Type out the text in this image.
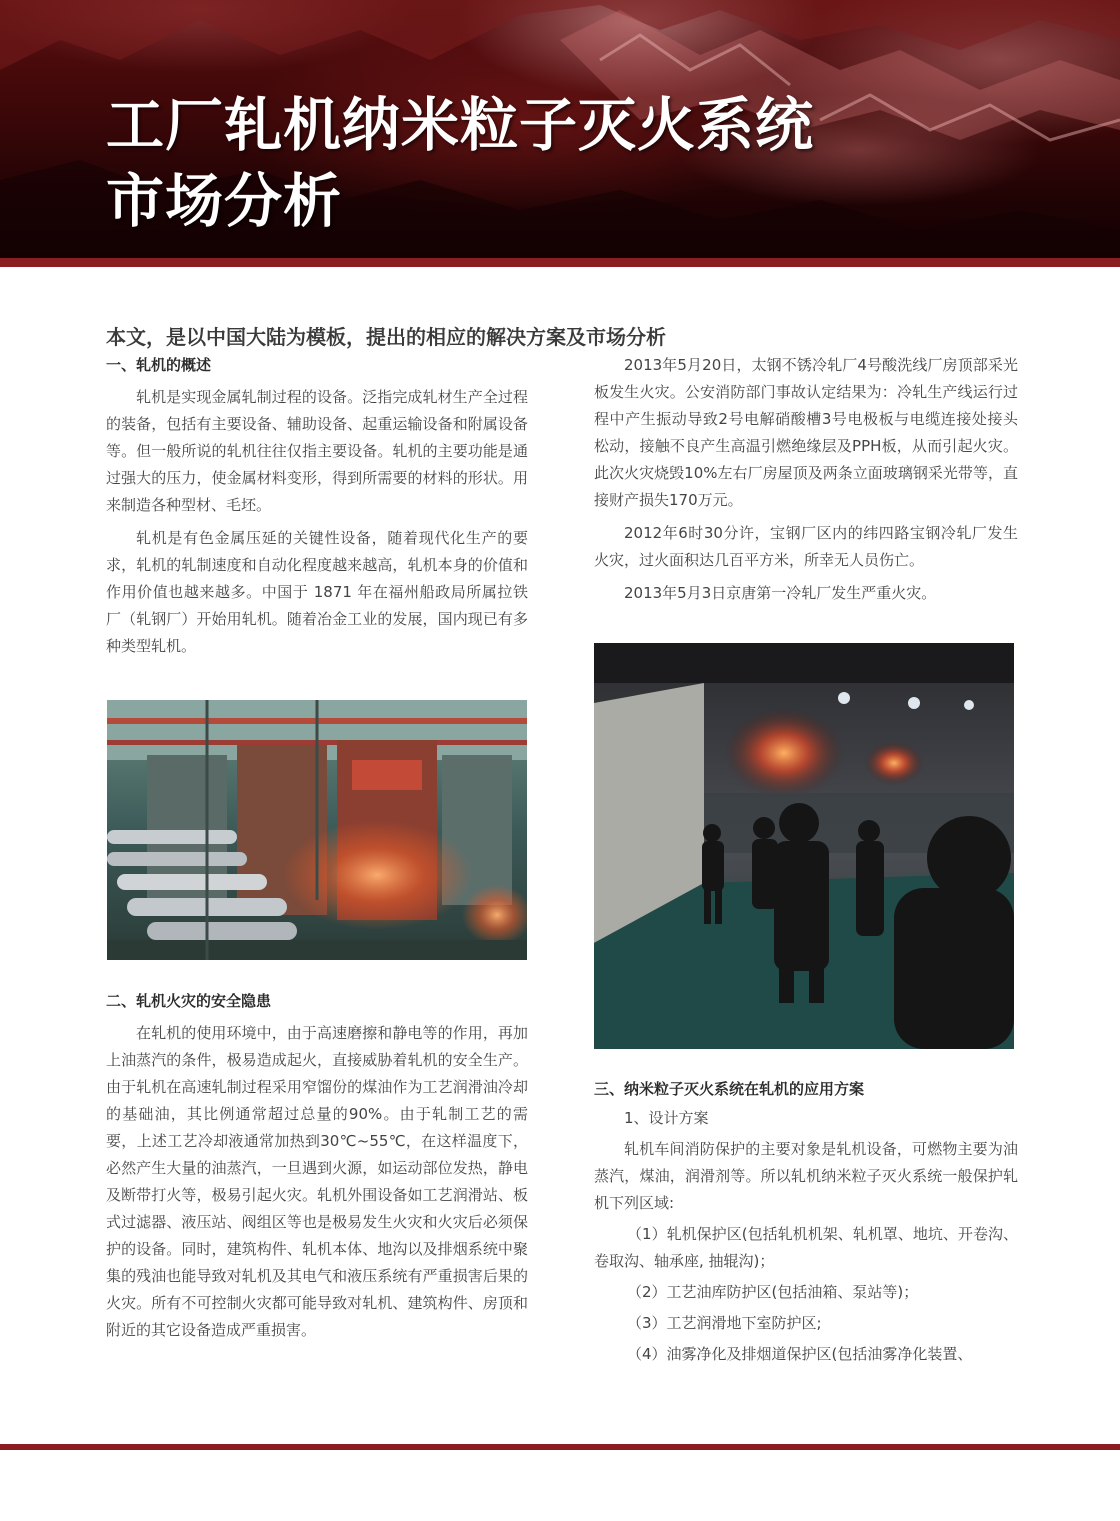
工厂轧机纳米粒子灭火系统
市场分析
本文，是以中国大陆为模板，提出的相应的解决方案及市场分析

一、轧机的概述

轧机是实现金属轧制过程的设备。泛指完成轧材生产全过程的装备，包括有主要设备、辅助设备、起重运输设备和附属设备等。但一般所说的轧机往往仅指主要设备。轧机的主要功能是通过强大的压力，使金属材料变形，得到所需要的材料的形状。用来制造各种型材、毛坯。

轧机是有色金属压延的关键性设备，随着现代化生产的要求，轧机的轧制速度和自动化程度越来越高，轧机本身的价值和作用价值也越来越多。中国于 1871 年在福州船政局所属拉铁厂（轧钢厂）开始用轧机。随着冶金工业的发展，国内现已有多种类型轧机。

二、轧机火灾的安全隐患

在轧机的使用环境中，由于高速磨擦和静电等的作用，再加上油蒸汽的条件，极易造成起火，直接威胁着轧机的安全生产。由于轧机在高速轧制过程采用窄馏份的煤油作为工艺润滑油冷却的基础油，其比例通常超过总量的90%。由于轧制工艺的需要，上述工艺冷却液通常加热到30℃~55℃，在这样温度下，必然产生大量的油蒸汽，一旦遇到火源，如运动部位发热，静电及断带打火等，极易引起火灾。轧机外围设备如工艺润滑站、板式过滤器、液压站、阀组区等也是极易发生火灾和火灾后必须保护的设备。同时，建筑构件、轧机本体、地沟以及排烟系统中聚集的残油也能导致对轧机及其电气和液压系统有严重损害后果的火灾。所有不可控制火灾都可能导致对轧机、建筑构件、房顶和附近的其它设备造成严重损害。

2013年5月20日，太钢不锈冷轧厂4号酸洗线厂房顶部采光板发生火灾。公安消防部门事故认定结果为：冷轧生产线运行过程中产生振动导致2号电解硝酸槽3号电极板与电缆连接处接头松动，接触不良产生高温引燃绝缘层及PPH板，从而引起火灾。此次火灾烧毁10%左右厂房屋顶及两条立面玻璃钢采光带等，直接财产损失170万元。

2012年6时30分许，宝钢厂区内的纬四路宝钢冷轧厂发生火灾，过火面积达几百平方米，所幸无人员伤亡。

2013年5月3日京唐第一冷轧厂发生严重火灾。

三、纳米粒子灭火系统在轧机的应用方案

1、设计方案

轧机车间消防保护的主要对象是轧机设备，可燃物主要为油蒸汽，煤油，润滑剂等。所以轧机纳米粒子灭火系统一般保护轧机下列区域:

（1）轧机保护区(包括轧机机架、轧机罩、地坑、开卷沟、卷取沟、轴承座, 抽辊沟)；

（2）工艺油库防护区(包括油箱、泵站等)；

（3）工艺润滑地下室防护区;

（4）油雾净化及排烟道保护区(包括油雾净化装置、
